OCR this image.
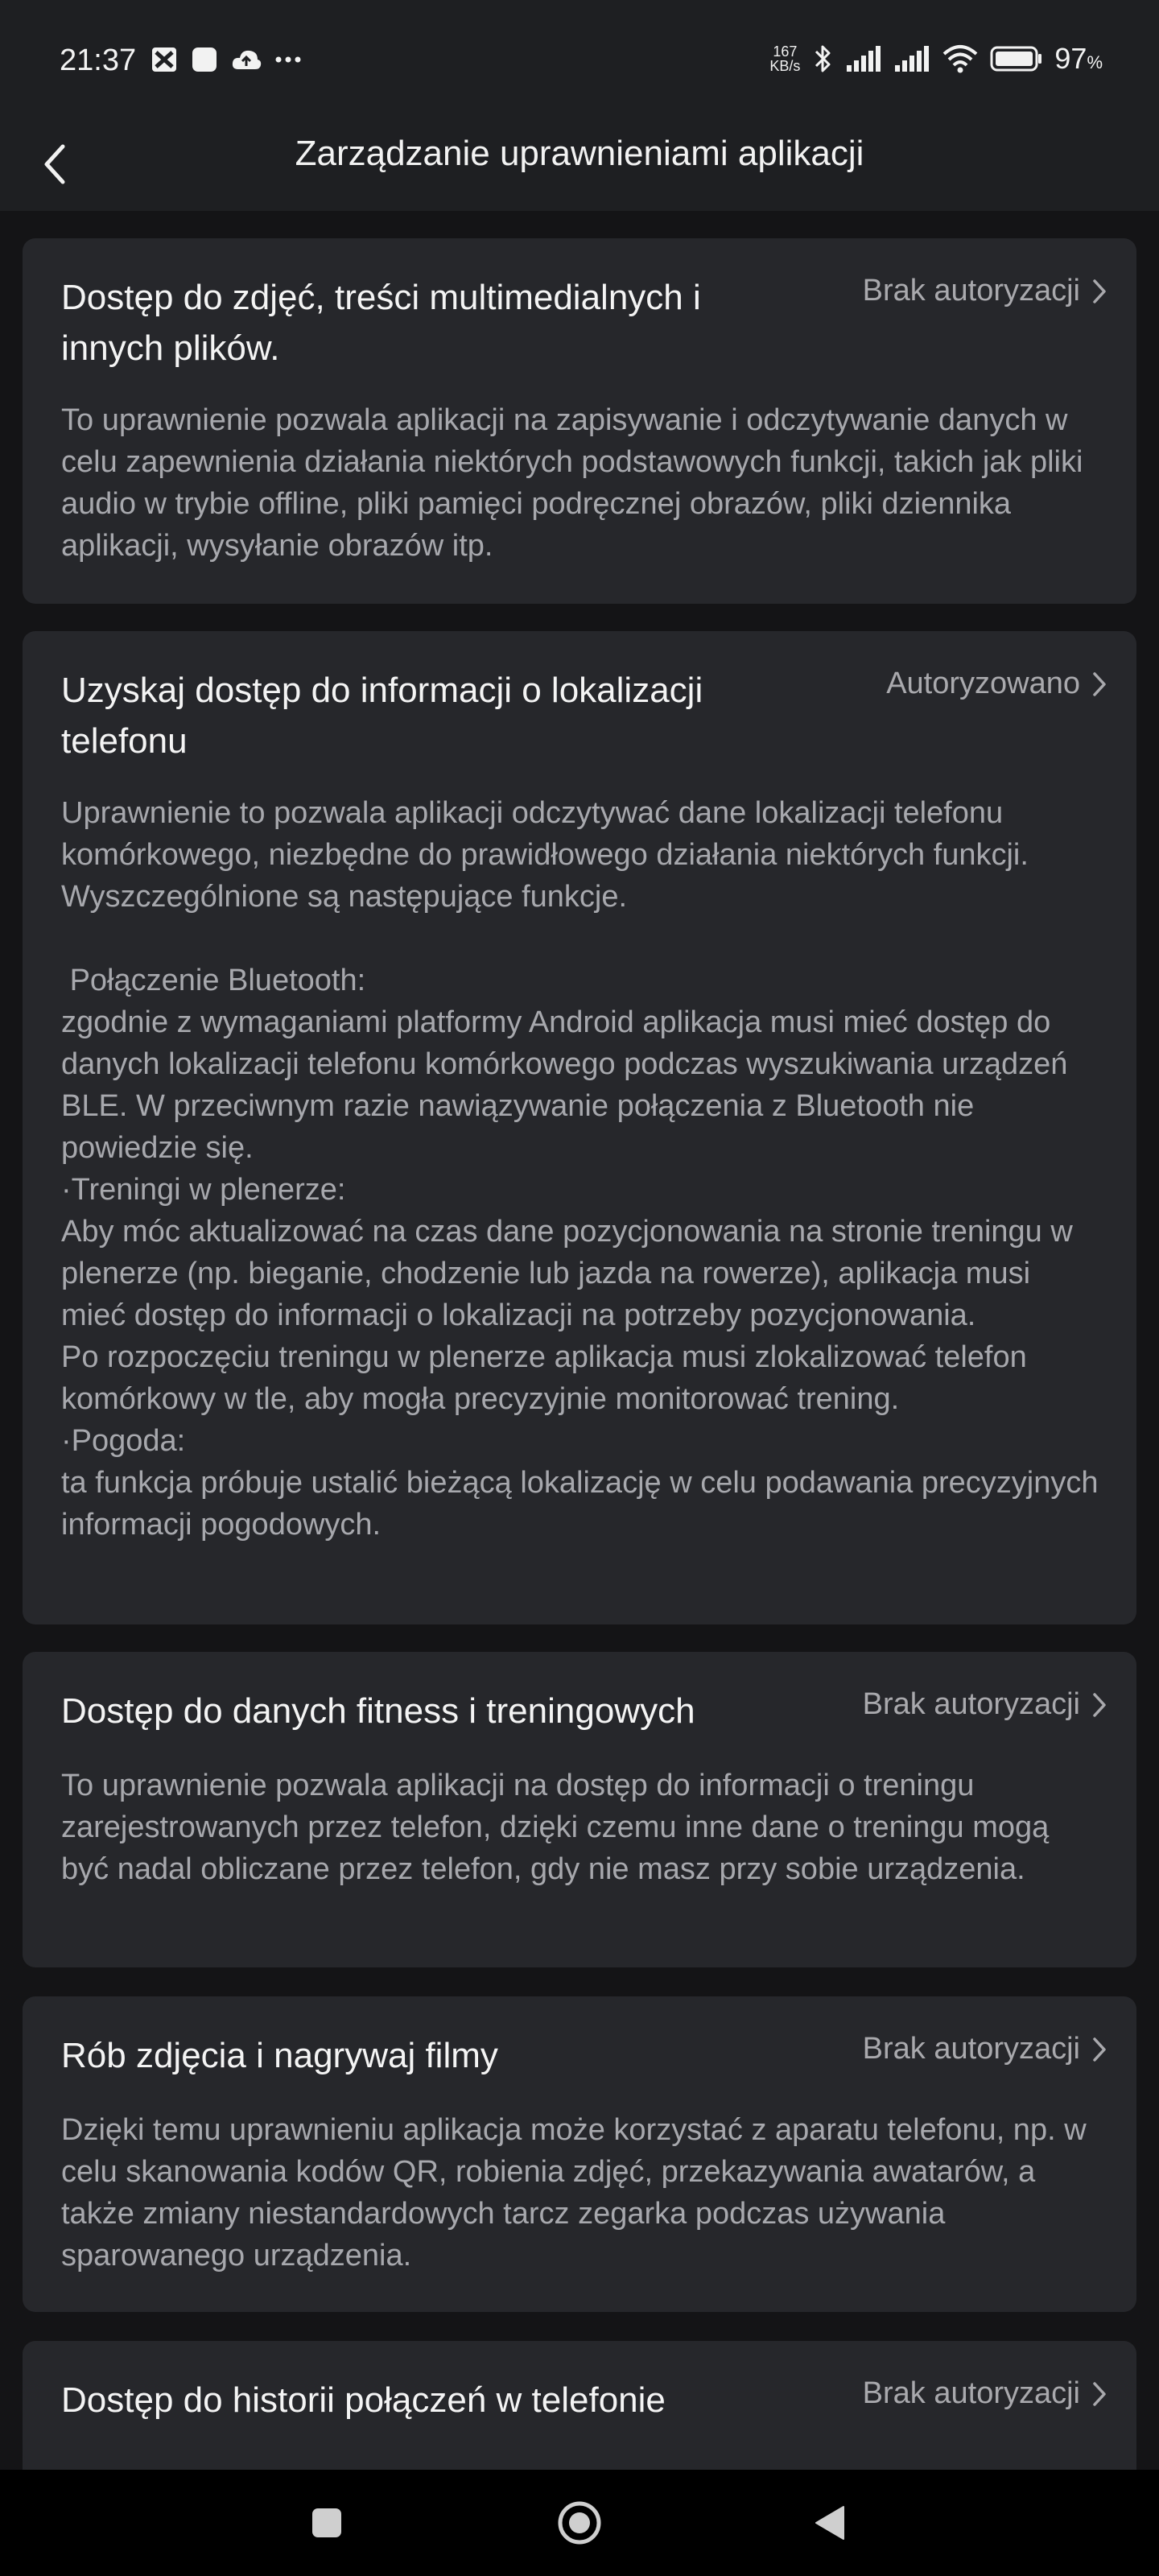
21:37	167
KB/s	97%
Zarządzanie uprawnieniami aplikacji
Dostęp do zdjęć, treści multimedialnych i innych plików.
Brak autoryzacji
To uprawnienie pozwala aplikacji na zapisywanie i odczytywanie danych w celu zapewnienia działania niektórych podstawowych funkcji, takich jak pliki audio w trybie offline, pliki pamięci podręcznej obrazów, pliki dziennika aplikacji, wysyłanie obrazów itp.
Uzyskaj dostęp do informacji o lokalizacji telefonu
Autoryzowano
Uprawnienie to pozwala aplikacji odczytywać dane lokalizacji telefonu komórkowego, niezbędne do prawidłowego działania niektórych funkcji. Wyszczególnione są następujące funkcje.

Połączenie Bluetooth:
zgodnie z wymaganiami platformy Android aplikacja musi mieć dostęp do danych lokalizacji telefonu komórkowego podczas wyszukiwania urządzeń BLE. W przeciwnym razie nawiązywanie połączenia z Bluetooth nie powiedzie się.
·Treningi w plenerze:
Aby móc aktualizować na czas dane pozycjonowania na stronie treningu w plenerze (np. bieganie, chodzenie lub jazda na rowerze), aplikacja musi mieć dostęp do informacji o lokalizacji na potrzeby pozycjonowania.
Po rozpoczęciu treningu w plenerze aplikacja musi zlokalizować telefon komórkowy w tle, aby mogła precyzyjnie monitorować trening.
·Pogoda:
ta funkcja próbuje ustalić bieżącą lokalizację w celu podawania precyzyjnych informacji pogodowych.
Dostęp do danych fitness i treningowych	Brak autoryzacji
To uprawnienie pozwala aplikacji na dostęp do informacji o treningu zarejestrowanych przez telefon, dzięki czemu inne dane o treningu mogą być nadal obliczane przez telefon, gdy nie masz przy sobie urządzenia.
Rób zdjęcia i nagrywaj filmy	Brak autoryzacji
Dzięki temu uprawnieniu aplikacja może korzystać z aparatu telefonu, np. w celu skanowania kodów QR, robienia zdjęć, przekazywania awatarów, a także zmiany niestandardowych tarcz zegarka podczas używania sparowanego urządzenia.
Dostęp do historii połączeń w telefonie	Brak autoryzacji
